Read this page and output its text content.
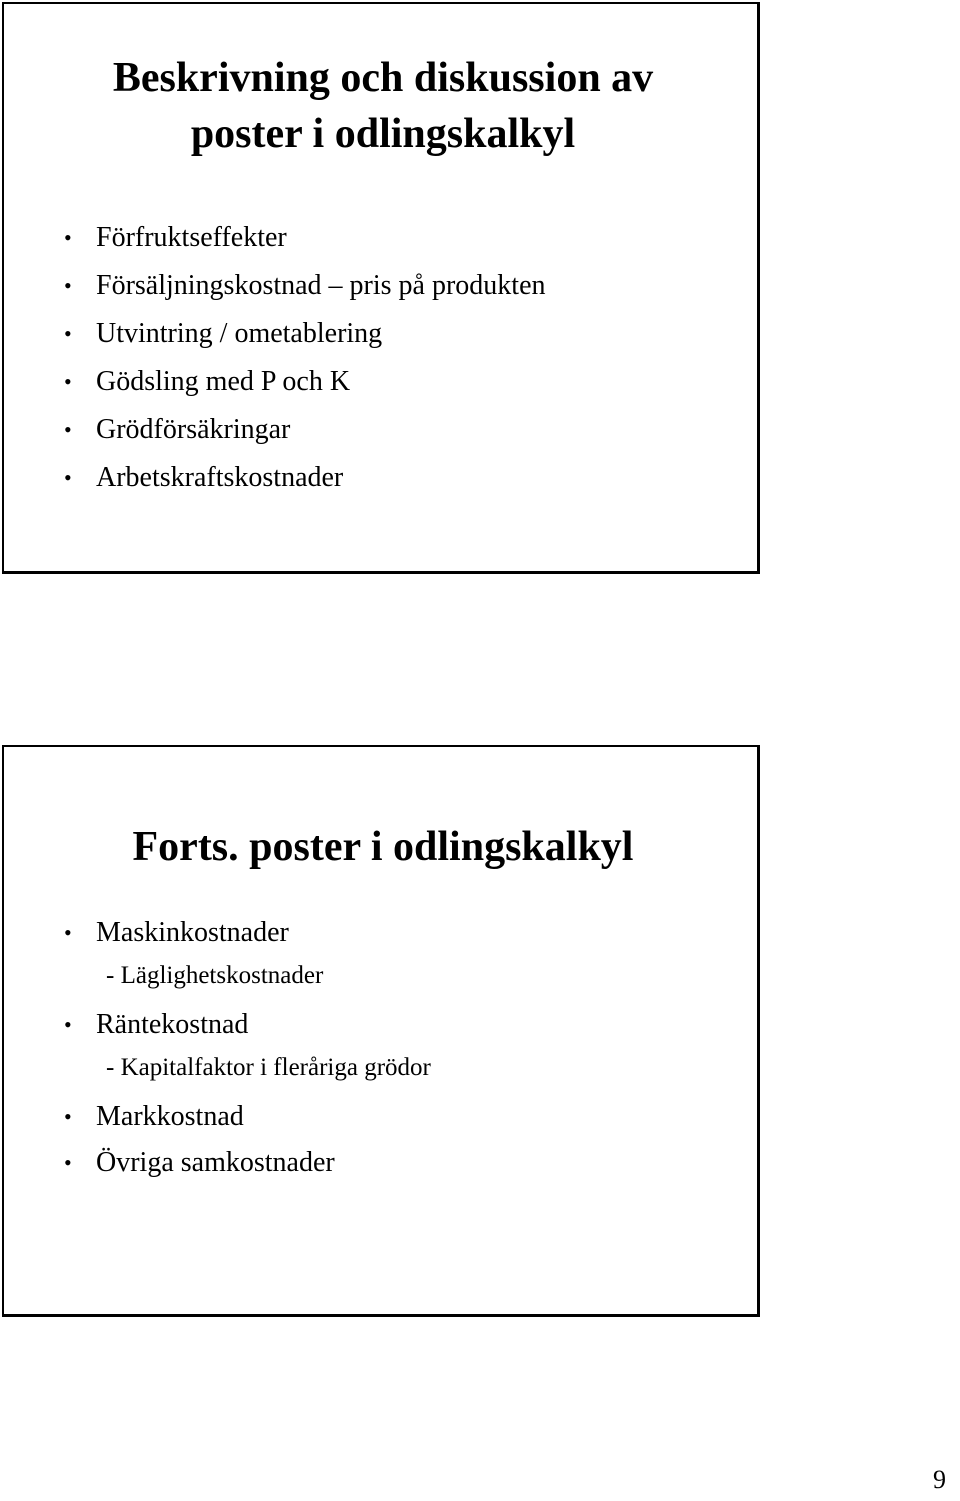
Beskrivning och diskussion av
poster i odlingskalkyl
• Förfruktseffekter
• Försäljningskostnad – pris på produkten
• Utvintring / ometablering
• Gödsling med P och K
• Grödförsäkringar
• Arbetskraftskostnader
Forts. poster i odlingskalkyl
• Maskinkostnader
- Läglighetskostnader
• Räntekostnad
- Kapitalfaktor i fleråriga grödor
• Markkostnad
• Övriga samkostnader
9
